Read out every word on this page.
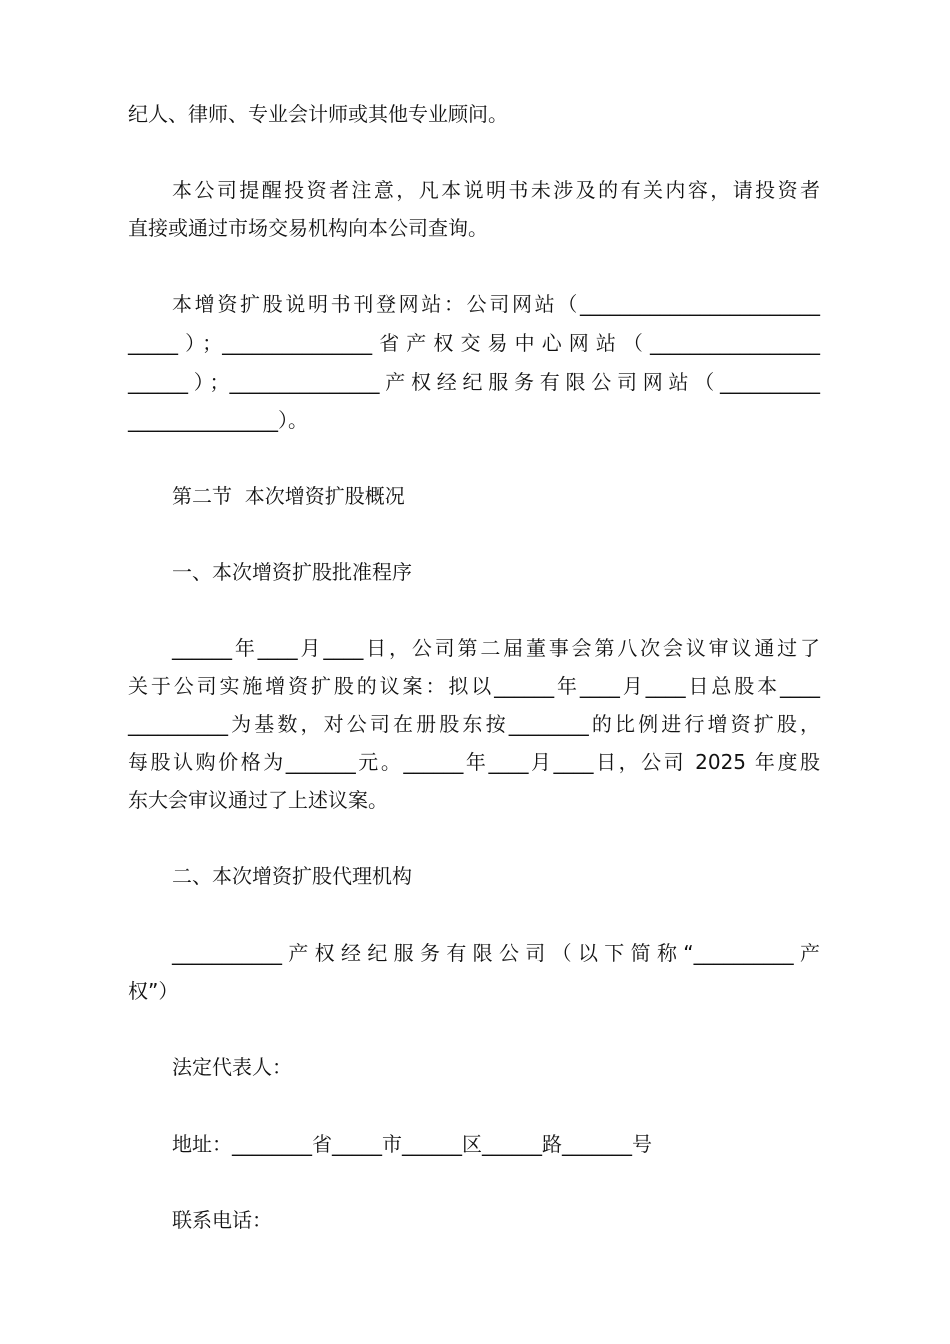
纪人、律师、专业会计师或其他专业顾问。

本公司提醒投资者注意，凡本说明书未涉及的有关内容，请投资者

直接或通过市场交易机构向本公司查询。

本增资扩股说明书刊登网站：公司网站（________________________

_____）；_______________省产权交易中心网站（_________________

______）；_______________产权经纪服务有限公司网站（__________

_______________）。

第二节  本次增资扩股概况

一、本次增资扩股批准程序

______年____月____日，公司第二届董事会第八次会议审议通过了

关于公司实施增资扩股的议案：拟以______年____月____日总股本____

__________为基数，对公司在册股东按________的比例进行增资扩股，

每股认购价格为_______元。______年____月____日，公司 2025 年度股

东大会审议通过了上述议案。

二、本次增资扩股代理机构

___________产权经纪服务有限公司（以下简称“__________产

权”）

法定代表人：

地址：________省_____市______区______路_______号

联系电话：
